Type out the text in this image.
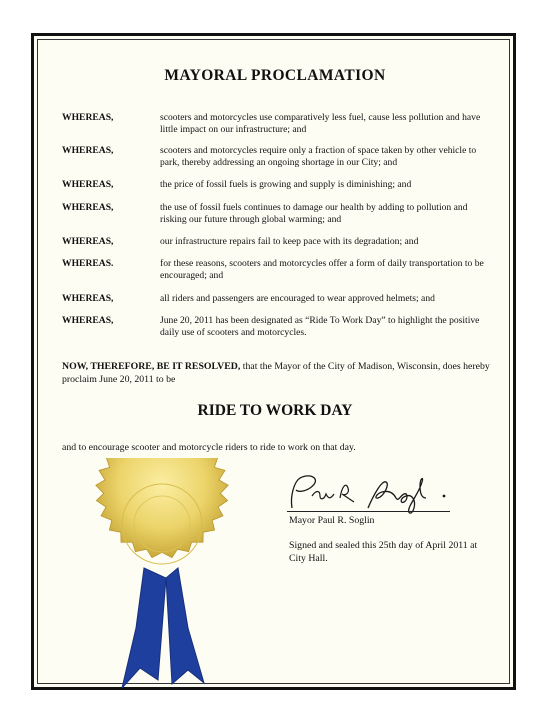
MAYORAL PROCLAMATION
WHEREAS,	scooters and motorcycles use comparatively less fuel, cause less pollution and have little impact on our infrastructure; and
WHEREAS,	scooters and motorcycles require only a fraction of space taken by other vehicle to park, thereby addressing an ongoing shortage in our City; and
WHEREAS,	the price of fossil fuels is growing and supply is diminishing; and
WHEREAS,	the use of fossil fuels continues to damage our health by adding to pollution and risking our future through global warming; and
WHEREAS,	our infrastructure repairs fail to keep pace with its degradation; and
WHEREAS.	for these reasons, scooters and motorcycles offer a form of daily transportation to be encouraged; and
WHEREAS,	all riders and passengers are encouraged to wear approved helmets; and
WHEREAS,	June 20, 2011 has been designated as “Ride To Work Day” to highlight the positive daily use of scooters and motorcycles.
NOW, THEREFORE, BE IT RESOLVED, that the Mayor of the City of Madison, Wisconsin, does hereby proclaim June 20, 2011 to be
RIDE TO WORK DAY
and to encourage scooter and motorcycle riders to ride to work on that day.
Mayor Paul R. Soglin
Signed and sealed this 25th day of April 2011 at City Hall.
